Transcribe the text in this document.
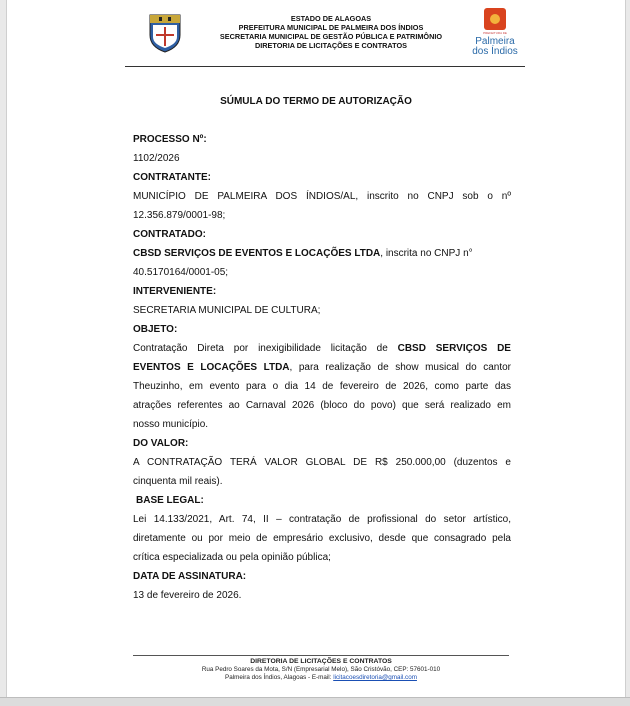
ESTADO DE ALAGOAS
PREFEITURA MUNICIPAL DE PALMEIRA DOS ÍNDIOS
SECRETARIA MUNICIPAL DE GESTÃO PÚBLICA E PATRIMÔNIO
DIRETORIA DE LICITAÇÕES E CONTRATOS
PREFEITURA DE
Palmeira
dos Índios
SÚMULA DO TERMO DE AUTORIZAÇÃO
PROCESSO Nº:
1102/2026
CONTRATANTE:
MUNICÍPIO DE PALMEIRA DOS ÍNDIOS/AL, inscrito no CNPJ sob o nº
12.356.879/0001-98;
CONTRATADO:
CBSD SERVIÇOS DE EVENTOS E LOCAÇÕES LTDA, inscrita no CNPJ n°
40.5170164/0001-05;
INTERVENIENTE:
SECRETARIA MUNICIPAL DE CULTURA;
OBJETO:
Contratação Direta por inexigibilidade licitação de CBSD SERVIÇOS DE
EVENTOS E LOCAÇÕES LTDA, para realização de show musical do cantor
Theuzinho, em evento para o dia 14 de fevereiro de 2026, como parte das
atrações referentes ao Carnaval 2026 (bloco do povo) que será realizado em
nosso município.
DO VALOR:
A CONTRATAÇÃO TERÁ VALOR GLOBAL DE R$ 250.000,00 (duzentos e
cinquenta mil reais).
BASE LEGAL:
Lei 14.133/2021, Art. 74, II – contratação de profissional do setor artístico,
diretamente ou por meio de empresário exclusivo, desde que consagrado pela
crítica especializada ou pela opinião pública;
DATA DE ASSINATURA:
13 de fevereiro de 2026.
DIRETORIA DE LICITAÇÕES E CONTRATOS
Rua Pedro Soares da Mota, S/N (Empresarial Melo), São Cristóvão, CEP: 57601-010
Palmeira dos Índios, Alagoas - E-mail: licitacoesdiretoria@gmail.com
